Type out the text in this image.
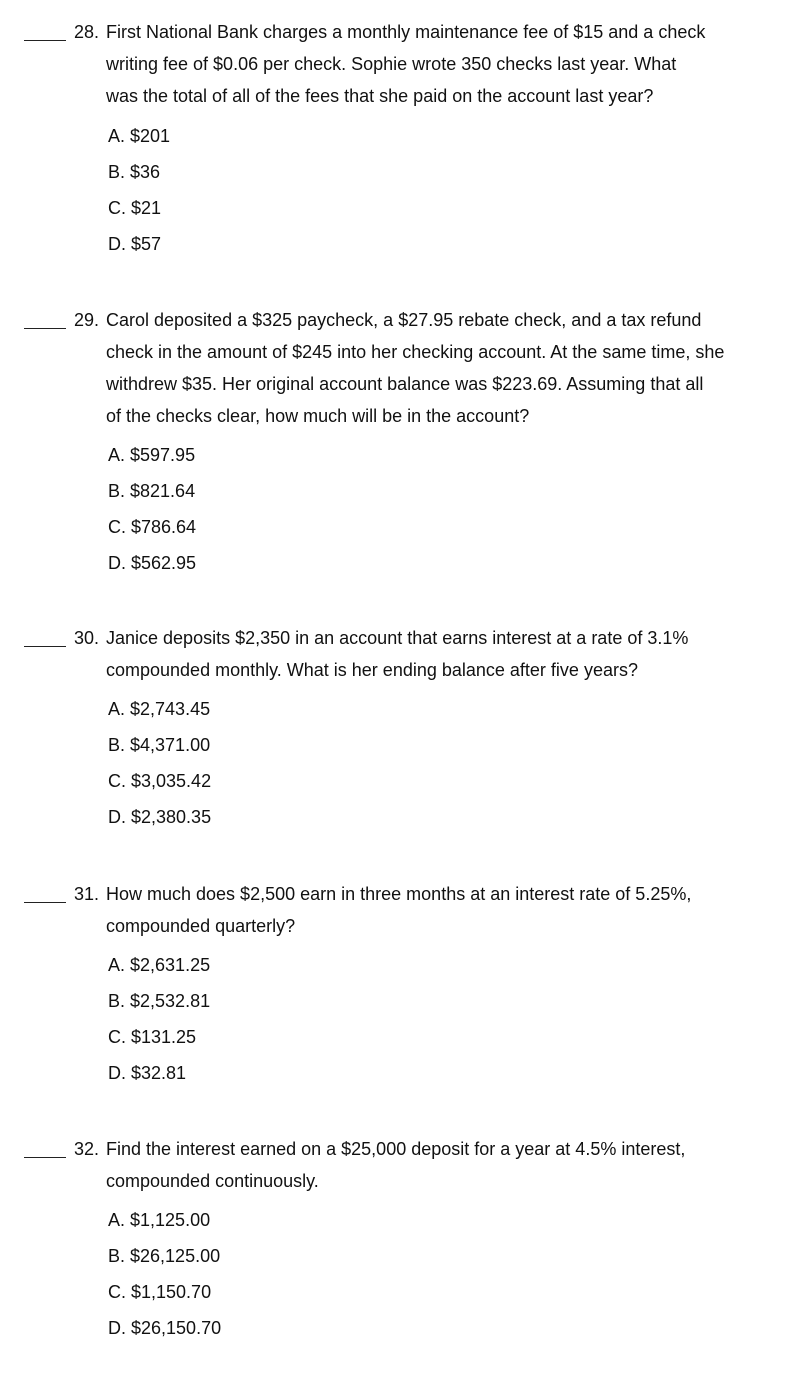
28. First National Bank charges a monthly maintenance fee of $15 and a check
writing fee of $0.06 per check. Sophie wrote 350 checks last year. What
was the total of all of the fees that she paid on the account last year?
A. $201
B. $36
C. $21
D. $57
29. Carol deposited a $325 paycheck, a $27.95 rebate check, and a tax refund
check in the amount of $245 into her checking account. At the same time, she
withdrew $35. Her original account balance was $223.69. Assuming that all
of the checks clear, how much will be in the account?
A. $597.95
B. $821.64
C. $786.64
D. $562.95
30. Janice deposits $2,350 in an account that earns interest at a rate of 3.1%
compounded monthly. What is her ending balance after five years?
A. $2,743.45
B. $4,371.00
C. $3,035.42
D. $2,380.35
31. How much does $2,500 earn in three months at an interest rate of 5.25%,
compounded quarterly?
A. $2,631.25
B. $2,532.81
C. $131.25
D. $32.81
32. Find the interest earned on a $25,000 deposit for a year at 4.5% interest,
compounded continuously.
A. $1,125.00
B. $26,125.00
C. $1,150.70
D. $26,150.70
